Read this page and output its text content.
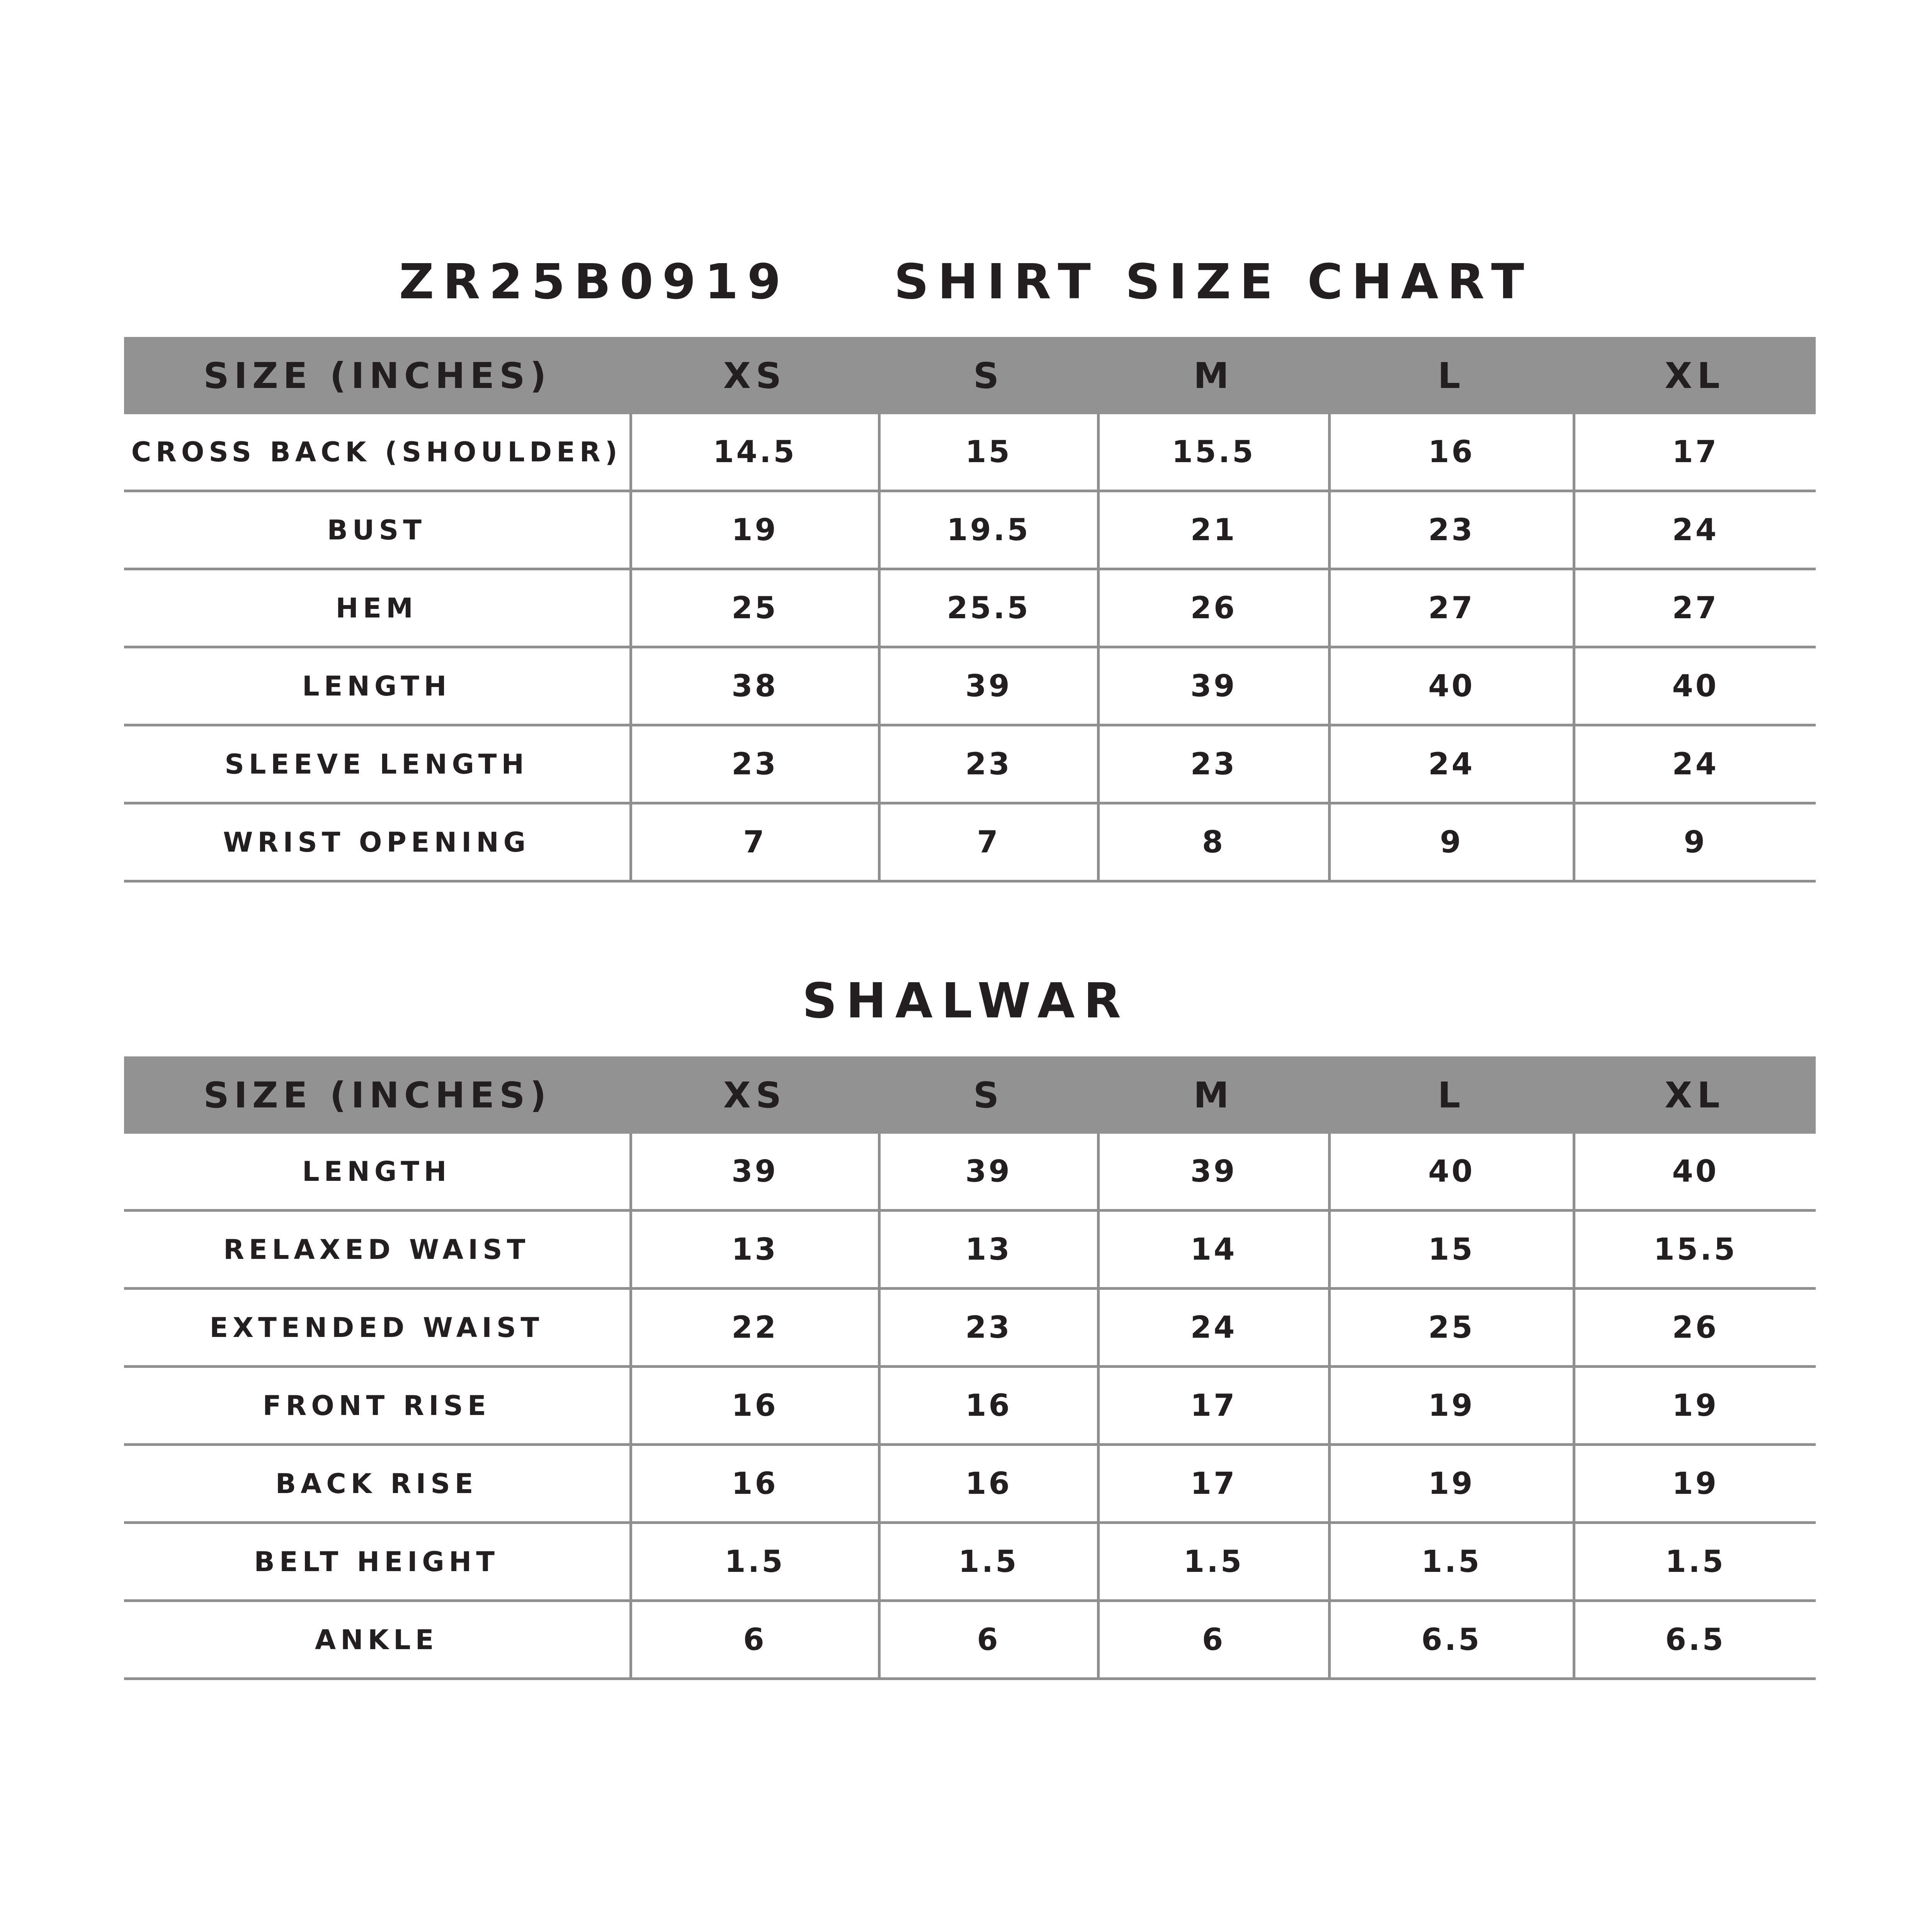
ZR25B0919 SHIRT SIZE CHART
SIZE (INCHES)	XS	S	M	L	XL
CROSS BACK (SHOULDER)	14.5	15	15.5	16	17
BUST	19	19.5	21	23	24
HEM	25	25.5	26	27	27
LENGTH	38	39	39	40	40
SLEEVE LENGTH	23	23	23	24	24
WRIST OPENING	7	7	8	9	9
SHALWAR
SIZE (INCHES)	XS	S	M	L	XL
LENGTH	39	39	39	40	40
RELAXED WAIST	13	13	14	15	15.5
EXTENDED WAIST	22	23	24	25	26
FRONT RISE	16	16	17	19	19
BACK RISE	16	16	17	19	19
BELT HEIGHT	1.5	1.5	1.5	1.5	1.5
ANKLE	6	6	6	6.5	6.5
